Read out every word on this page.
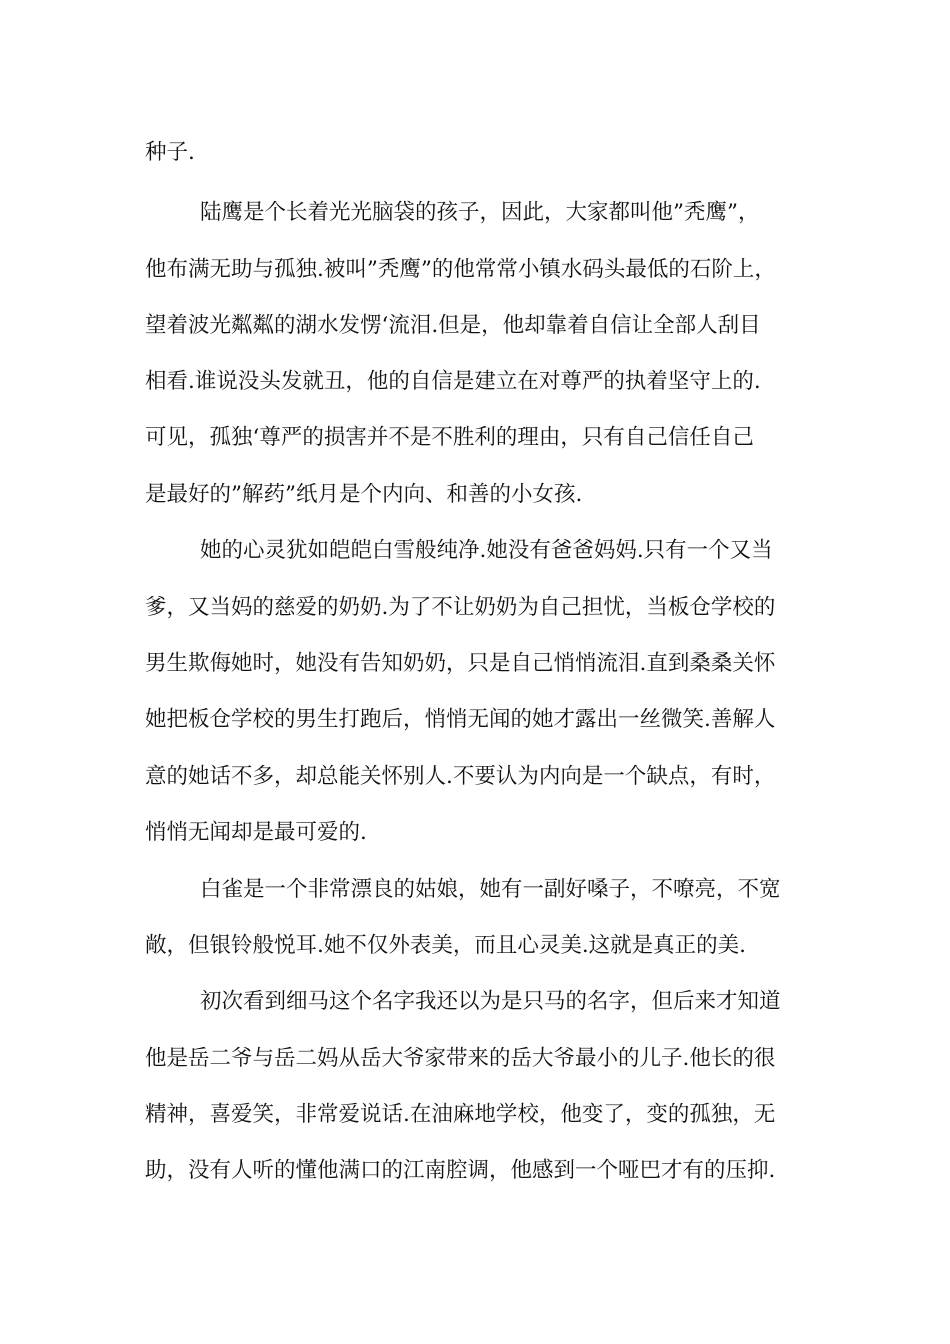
种子.
陆鹰是个长着光光脑袋的孩子，因此，大家都叫他”秃鹰”，
他布满无助与孤独.被叫”秃鹰”的他常常小镇水码头最低的石阶上，
望着波光粼粼的湖水发愣‘流泪.但是，他却靠着自信让全部人刮目
相看.谁说没头发就丑，他的自信是建立在对尊严的执着坚守上的.
可见，孤独‘尊严的损害并不是不胜利的理由，只有自己信任自己
是最好的”解药”纸月是个内向、和善的小女孩.
她的心灵犹如皑皑白雪般纯净.她没有爸爸妈妈.只有一个又当
爹，又当妈的慈爱的奶奶.为了不让奶奶为自己担忧，当板仓学校的
男生欺侮她时，她没有告知奶奶，只是自己悄悄流泪.直到桑桑关怀
她把板仓学校的男生打跑后，悄悄无闻的她才露出一丝微笑.善解人
意的她话不多，却总能关怀别人.不要认为内向是一个缺点，有时，
悄悄无闻却是最可爱的.
白雀是一个非常漂良的姑娘，她有一副好嗓子，不嘹亮，不宽
敞，但银铃般悦耳.她不仅外表美，而且心灵美.这就是真正的美.
初次看到细马这个名字我还以为是只马的名字，但后来才知道
他是岳二爷与岳二妈从岳大爷家带来的岳大爷最小的儿子.他长的很
精神，喜爱笑，非常爱说话.在油麻地学校，他变了，变的孤独，无
助，没有人听的懂他满口的江南腔调，他感到一个哑巴才有的压抑.
